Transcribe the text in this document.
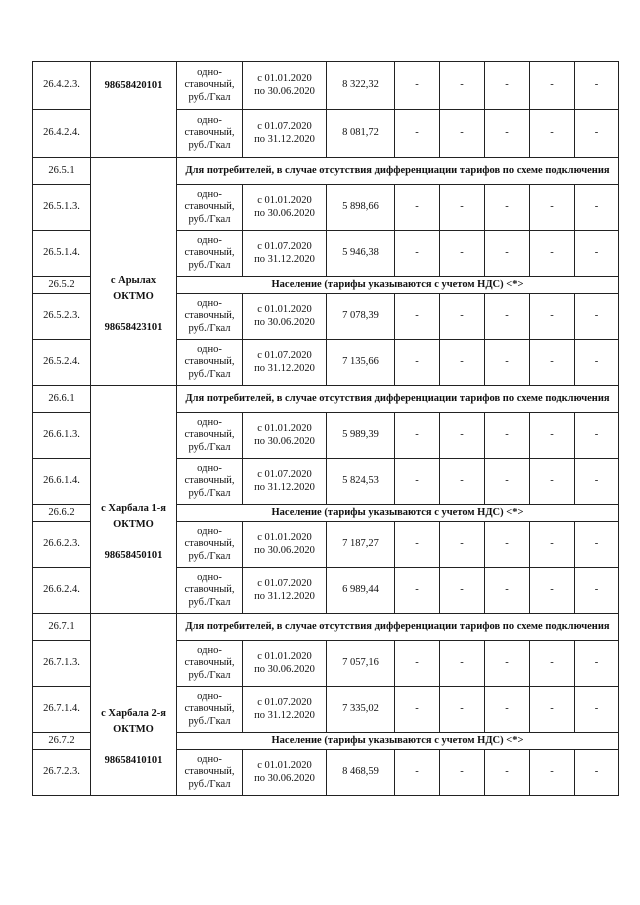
26.4.2.3.	98658420101	одно-
ставочный,
руб./Гкал	с 01.01.2020
по 30.06.2020	8 322,32	-	-	-	-	-
26.4.2.4.		одно-
ставочный,
руб./Гкал	с 01.07.2020
по 31.12.2020	8 081,72	-	-	-	-	-
26.5.1	с Арылах
ОКТМО
98658423101	Для потребителей, в случае отсутствия дифференциации тарифов по схеме подключения							
26.5.1.3.		одно-
ставочный,
руб./Гкал	с 01.01.2020
по 30.06.2020	5 898,66	-	-	-	-	-
26.5.1.4.		одно-
ставочный,
руб./Гкал	с 01.07.2020
по 31.12.2020	5 946,38	-	-	-	-	-
26.5.2		Население (тарифы указываются с учетом НДС) <*>							
26.5.2.3.		одно-
ставочный,
руб./Гкал	с 01.01.2020
по 30.06.2020	7 078,39	-	-	-	-	-
26.5.2.4.		одно-
ставочный,
руб./Гкал	с 01.07.2020
по 31.12.2020	7 135,66	-	-	-	-	-
26.6.1	с Харбала 1-я
ОКТМО
98658450101	Для потребителей, в случае отсутствия дифференциации тарифов по схеме подключения							
26.6.1.3.		одно-
ставочный,
руб./Гкал	с 01.01.2020
по 30.06.2020	5 989,39	-	-	-	-	-
26.6.1.4.		одно-
ставочный,
руб./Гкал	с 01.07.2020
по 31.12.2020	5 824,53	-	-	-	-	-
26.6.2		Население (тарифы указываются с учетом НДС) <*>							
26.6.2.3.		одно-
ставочный,
руб./Гкал	с 01.01.2020
по 30.06.2020	7 187,27	-	-	-	-	-
26.6.2.4.		одно-
ставочный,
руб./Гкал	с 01.07.2020
по 31.12.2020	6 989,44	-	-	-	-	-
26.7.1	с Харбала 2-я
ОКТМО
98658410101	Для потребителей, в случае отсутствия дифференциации тарифов по схеме подключения							
26.7.1.3.		одно-
ставочный,
руб./Гкал	с 01.01.2020
по 30.06.2020	7 057,16	-	-	-	-	-
26.7.1.4.		одно-
ставочный,
руб./Гкал	с 01.07.2020
по 31.12.2020	7 335,02	-	-	-	-	-
26.7.2		Население (тарифы указываются с учетом НДС) <*>							
26.7.2.3.		одно-
ставочный,
руб./Гкал	с 01.01.2020
по 30.06.2020	8 468,59	-	-	-	-	-
